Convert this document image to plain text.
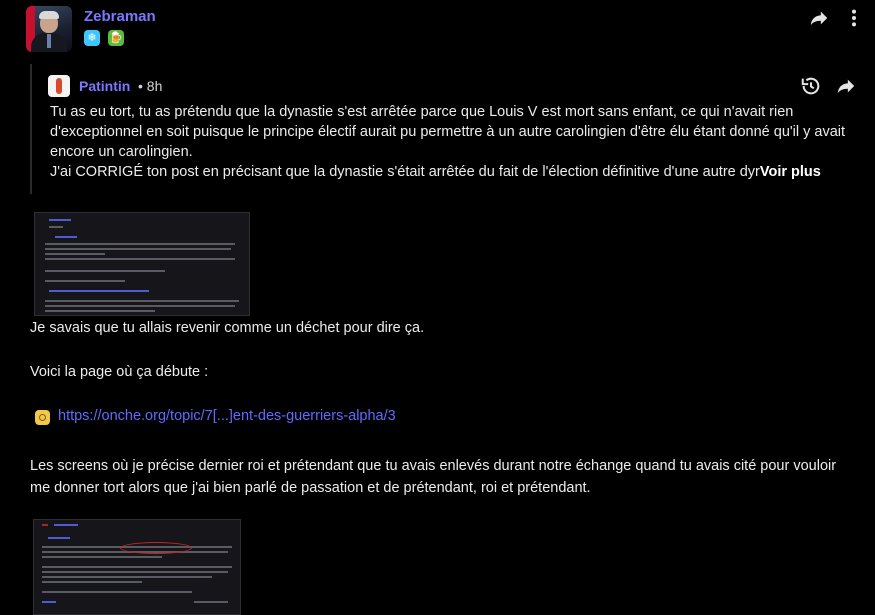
Zebraman
❄	🍺
Patintin • 8h

Tu as eu tort, tu as prétendu que la dynastie s'est arrêtée parce que Louis V est mort sans enfant, ce qui n'avait rien d'exceptionnel en soit puisque le principe électif aurait pu permettre à un autre carolingien d'être élu étant donné qu'il y avait encore un carolingien.

J'ai CORRIGÉ ton post en précisant que la dynastie s'était arrêtée du fait de l'élection définitive d'une autre dyrVoir plus

Je savais que tu allais revenir comme un déchet pour dire ça.
Voici la page où ça débute :
https://onche.org/topic/7[...]ent-des-guerriers-alpha/3
Les screens où je précise dernier roi et prétendant que tu avais enlevés durant notre échange quand tu avais cité pour vouloir me donner tort alors que j'ai bien parlé de passation et de prétendant, roi et prétendant.
